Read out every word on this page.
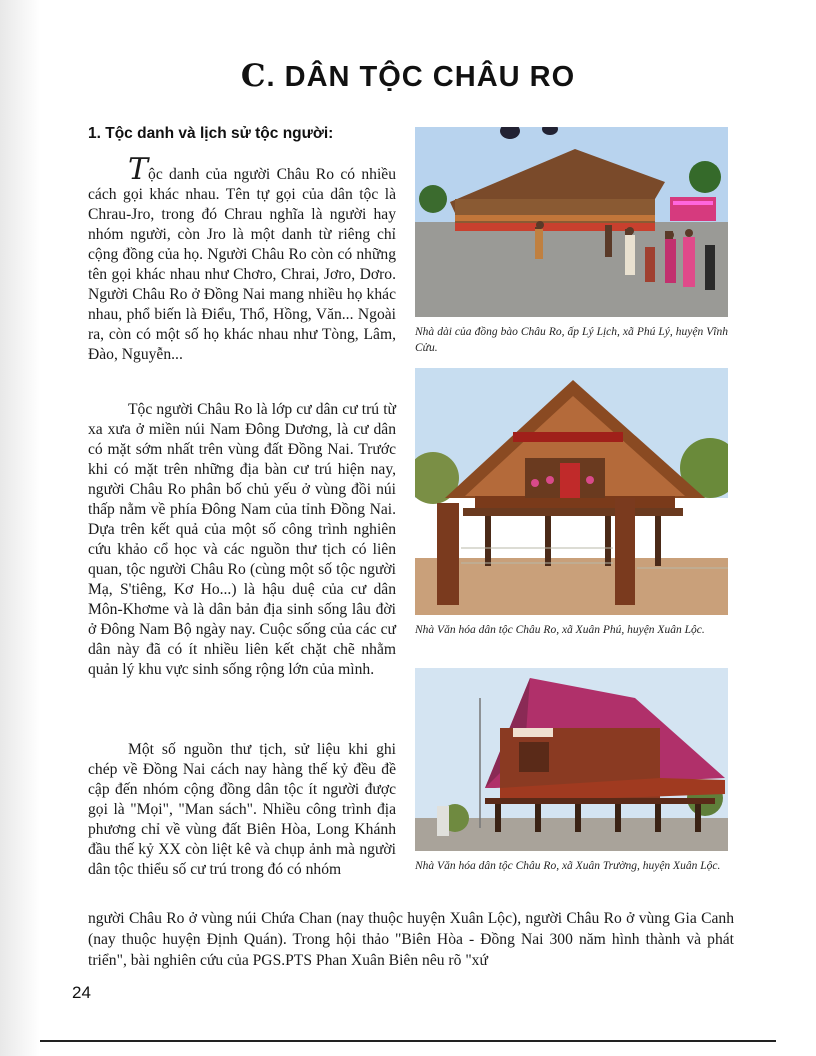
C. DÂN TỘC CHÂU RO
1. Tộc danh và lịch sử tộc người:

Tộc danh của người Châu Ro có nhiều cách gọi khác nhau. Tên tự gọi của dân tộc là Chrau-Jro, trong đó Chrau nghĩa là người hay nhóm người, còn Jro là một danh từ riêng chỉ cộng đồng của họ. Người Châu Ro còn có những tên gọi khác nhau như Chơro, Chrai, Jơro, Dơro. Người Châu Ro ở Đồng Nai mang nhiều họ khác nhau, phổ biến là Điểu, Thổ, Hồng, Văn... Ngoài ra, còn có một số họ khác nhau như Tòng, Lâm, Đào, Nguyễn...

Tộc người Châu Ro là lớp cư dân cư trú từ xa xưa ở miền núi Nam Đông Dương, là cư dân có mặt sớm nhất trên vùng đất Đồng Nai. Trước khi có mặt trên những địa bàn cư trú hiện nay, người Châu Ro phân bố chủ yếu ở vùng đồi núi thấp nằm về phía Đông Nam của tỉnh Đồng Nai. Dựa trên kết quả của một số công trình nghiên cứu khảo cổ học và các nguồn thư tịch có liên quan, tộc người Châu Ro (cùng một số tộc người Mạ, S'tiêng, Kơ Ho...) là hậu duệ của cư dân Môn-Khơme và là dân bản địa sinh sống lâu đời ở Đông Nam Bộ ngày nay. Cuộc sống của các cư dân này đã có ít nhiều liên kết chặt chẽ nhằm quản lý khu vực sinh sống rộng lớn của mình.

Một số nguồn thư tịch, sử liệu khi ghi chép về Đồng Nai cách nay hàng thế kỷ đều đề cập đến nhóm cộng đồng dân tộc ít người được gọi là "Mọi", "Man sách". Nhiều công trình địa phương chỉ về vùng đất Biên Hòa, Long Khánh đầu thế kỷ XX còn liệt kê và chụp ảnh mà người dân tộc thiểu số cư trú trong đó có nhóm

người Châu Ro ở vùng núi Chứa Chan (nay thuộc huyện Xuân Lộc), người Châu Ro ở vùng Gia Canh (nay thuộc huyện Định Quán). Trong hội thảo "Biên Hòa - Đồng Nai 300 năm hình thành và phát triển", bài nghiên cứu của PGS.PTS Phan Xuân Biên nêu rõ "xứ

Nhà dài của đồng bào Châu Ro, ấp Lý Lịch, xã Phú Lý, huyện Vĩnh Cửu.
Nhà Văn hóa dân tộc Châu Ro, xã Xuân Phú, huyện Xuân Lộc.
Nhà Văn hóa dân tộc Châu Ro, xã Xuân Trường, huyện Xuân Lộc.
24
